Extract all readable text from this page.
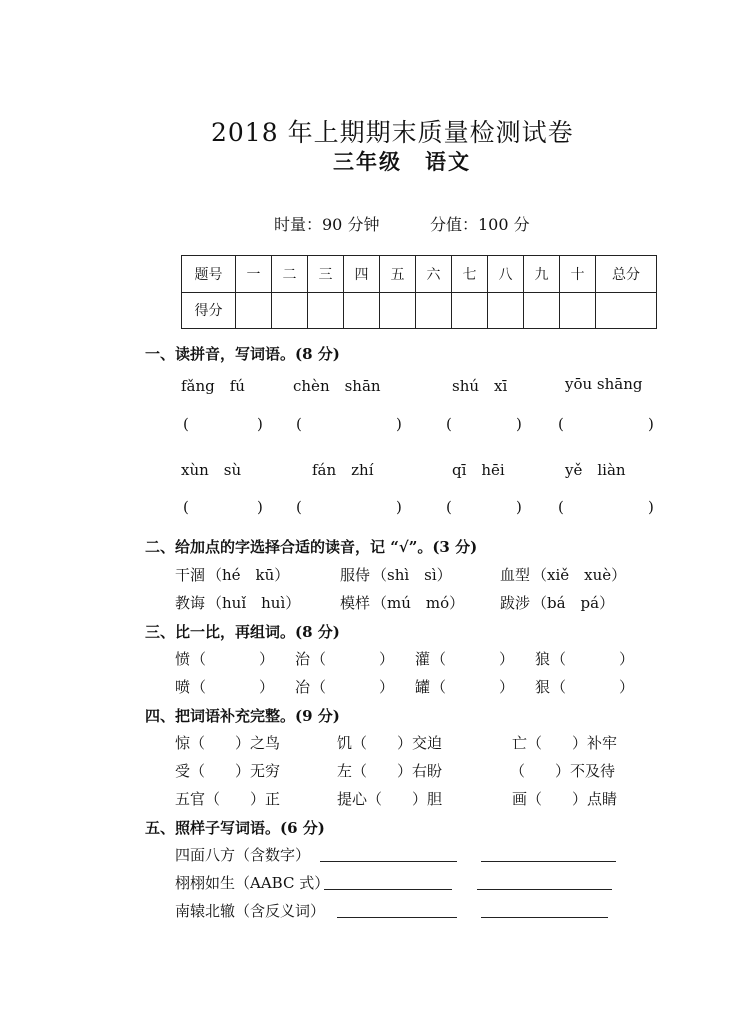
2018 年上期期末质量检测试卷
三年级　语文
时量：90 分钟	分值：100 分
题号	一	二	三	四	五	六	七	八	九	十	总分
得分											
一、读拼音，写词语。(8 分)
fǎng　fú	chèn　shān	shú　xī	yōu shāng
(	) (	)	(	) (	)
xùn　sù	fán　zhí	qī　hēi	yě　liàn
(	) (	)	(	) (	)
二、给加点的字选择合适的读音，记 “√”。(3 分)
干涸 （hé　kū）	服侍 （shì　sì）	血型 （xiě　xuè）
教诲 （huǐ　huì）	模样 （mú　mó） 跋涉 （bá　pá）
三、比一比，再组词。(8 分)
愤 （	） 治 （	） 灌 （	） 狼 （	）
喷 （	） 冶 （	） 罐 （	） 狠 （	）
四、把词语补充完整。(9 分)
惊（　　）之鸟	饥（　　）交迫	亡（　　）补牢
受（　　）无穷	左（　　）右盼	（　　）不及待
五官（　　）正	提心（　　）胆	画（　　）点睛
五、照样子写词语。(6 分)
四面八方（含数字）
栩栩如生（AABC 式）
南辕北辙（含反义词）
